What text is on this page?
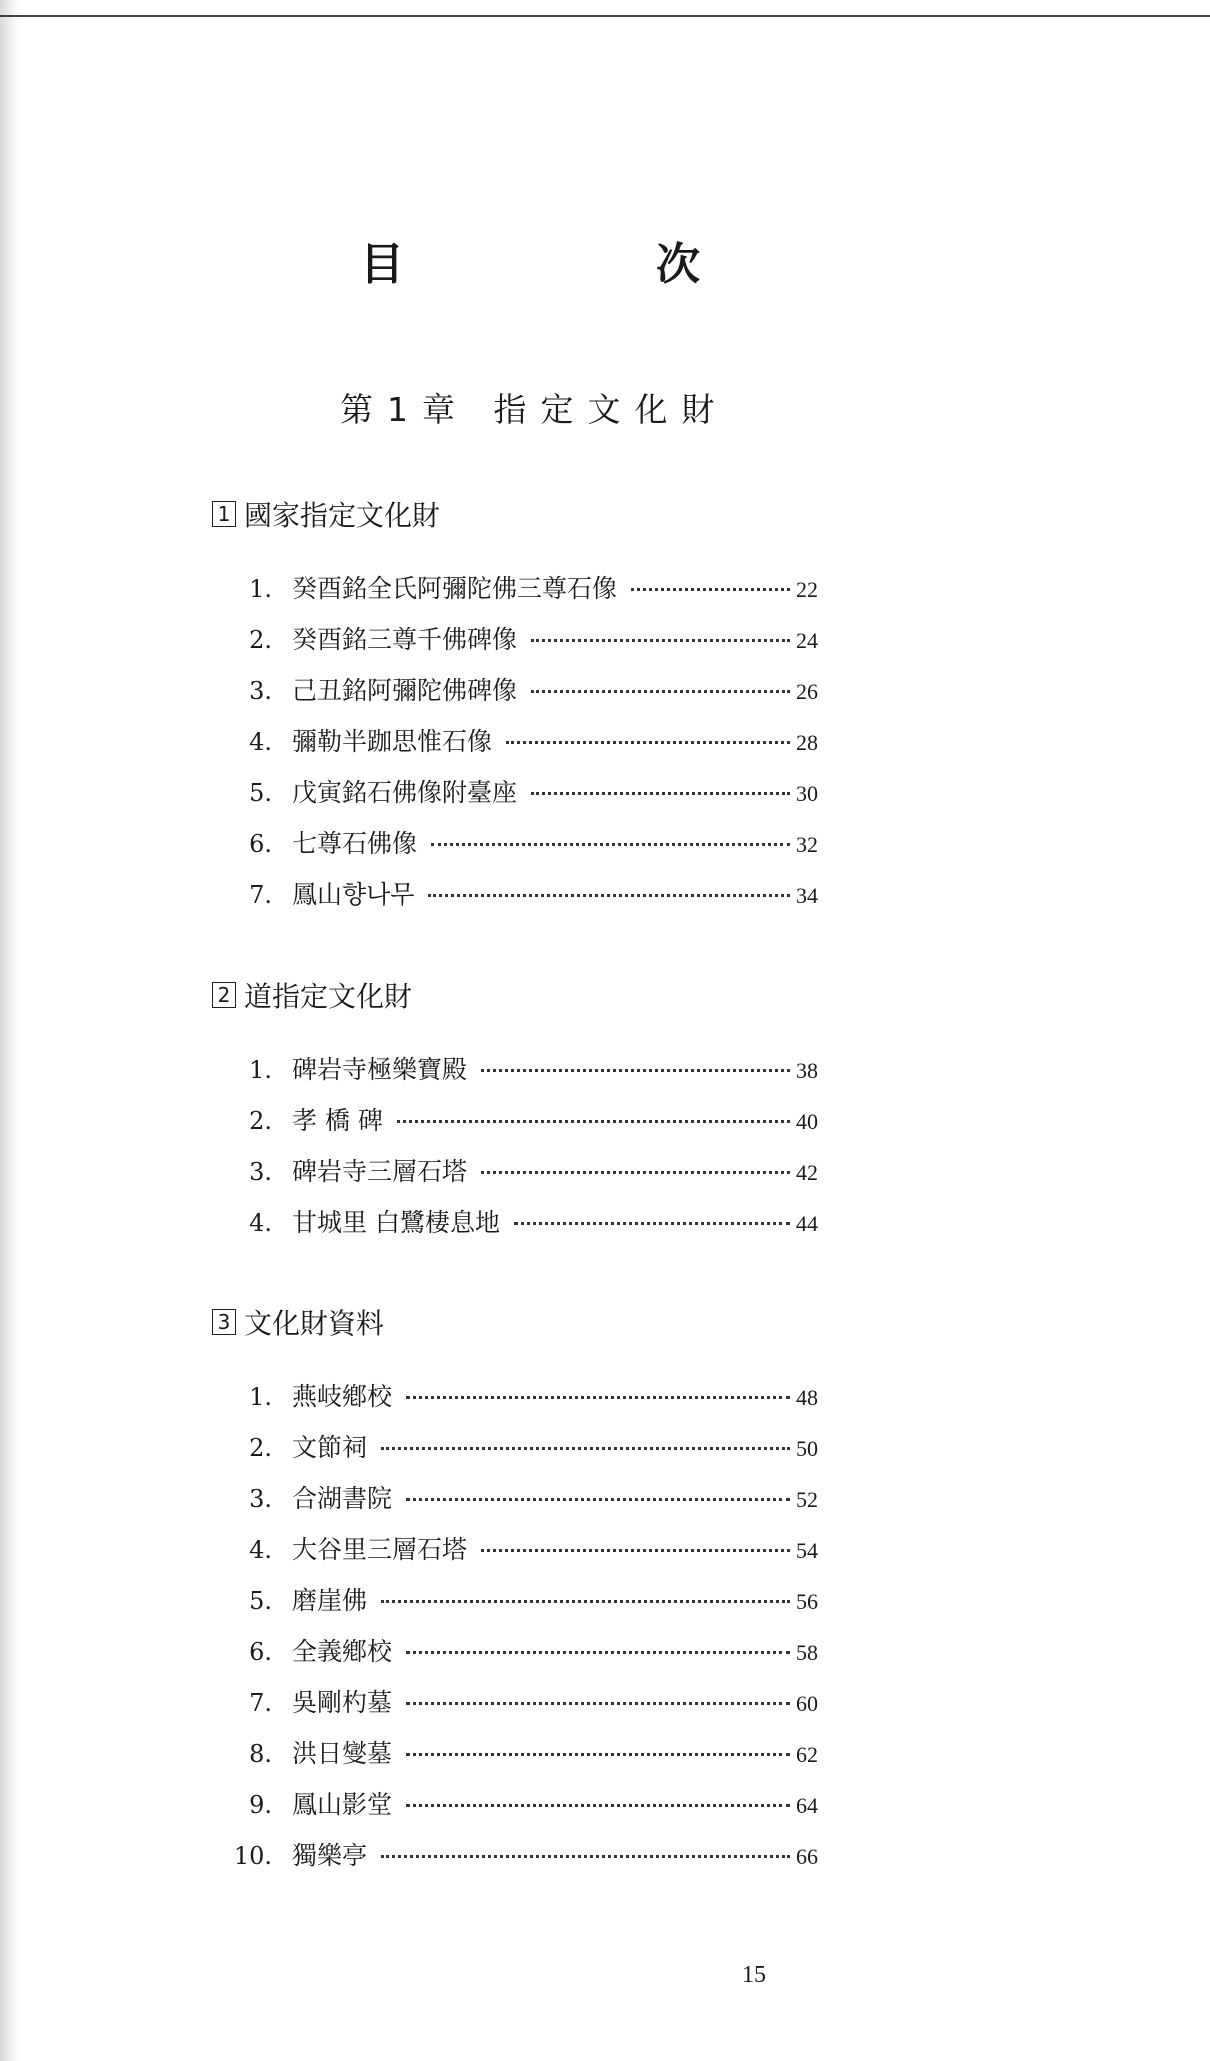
目	次
第1章 指定文化財
1 國家指定文化財
1. 癸酉銘全氏阿彌陀佛三尊石像	22
2. 癸酉銘三尊千佛碑像	24
3. 己丑銘阿彌陀佛碑像	26
4. 彌勒半跏思惟石像	28
5. 戊寅銘石佛像附臺座	30
6. 七尊石佛像	32
7. 鳳山향나무	34
2 道指定文化財
1. 碑岩寺極樂寶殿	38
2. 孝 橋 碑	40
3. 碑岩寺三層石塔	42
4. 甘城里 白鷺棲息地	44
3 文化財資料
1. 燕岐鄕校	48
2. 文節祠	50
3. 合湖書院	52
4. 大谷里三層石塔	54
5. 磨崖佛	56
6. 全義鄕校	58
7. 吳剛杓墓	60
8. 洪日燮墓	62
9. 鳳山影堂	64
10. 獨樂亭	66
15
